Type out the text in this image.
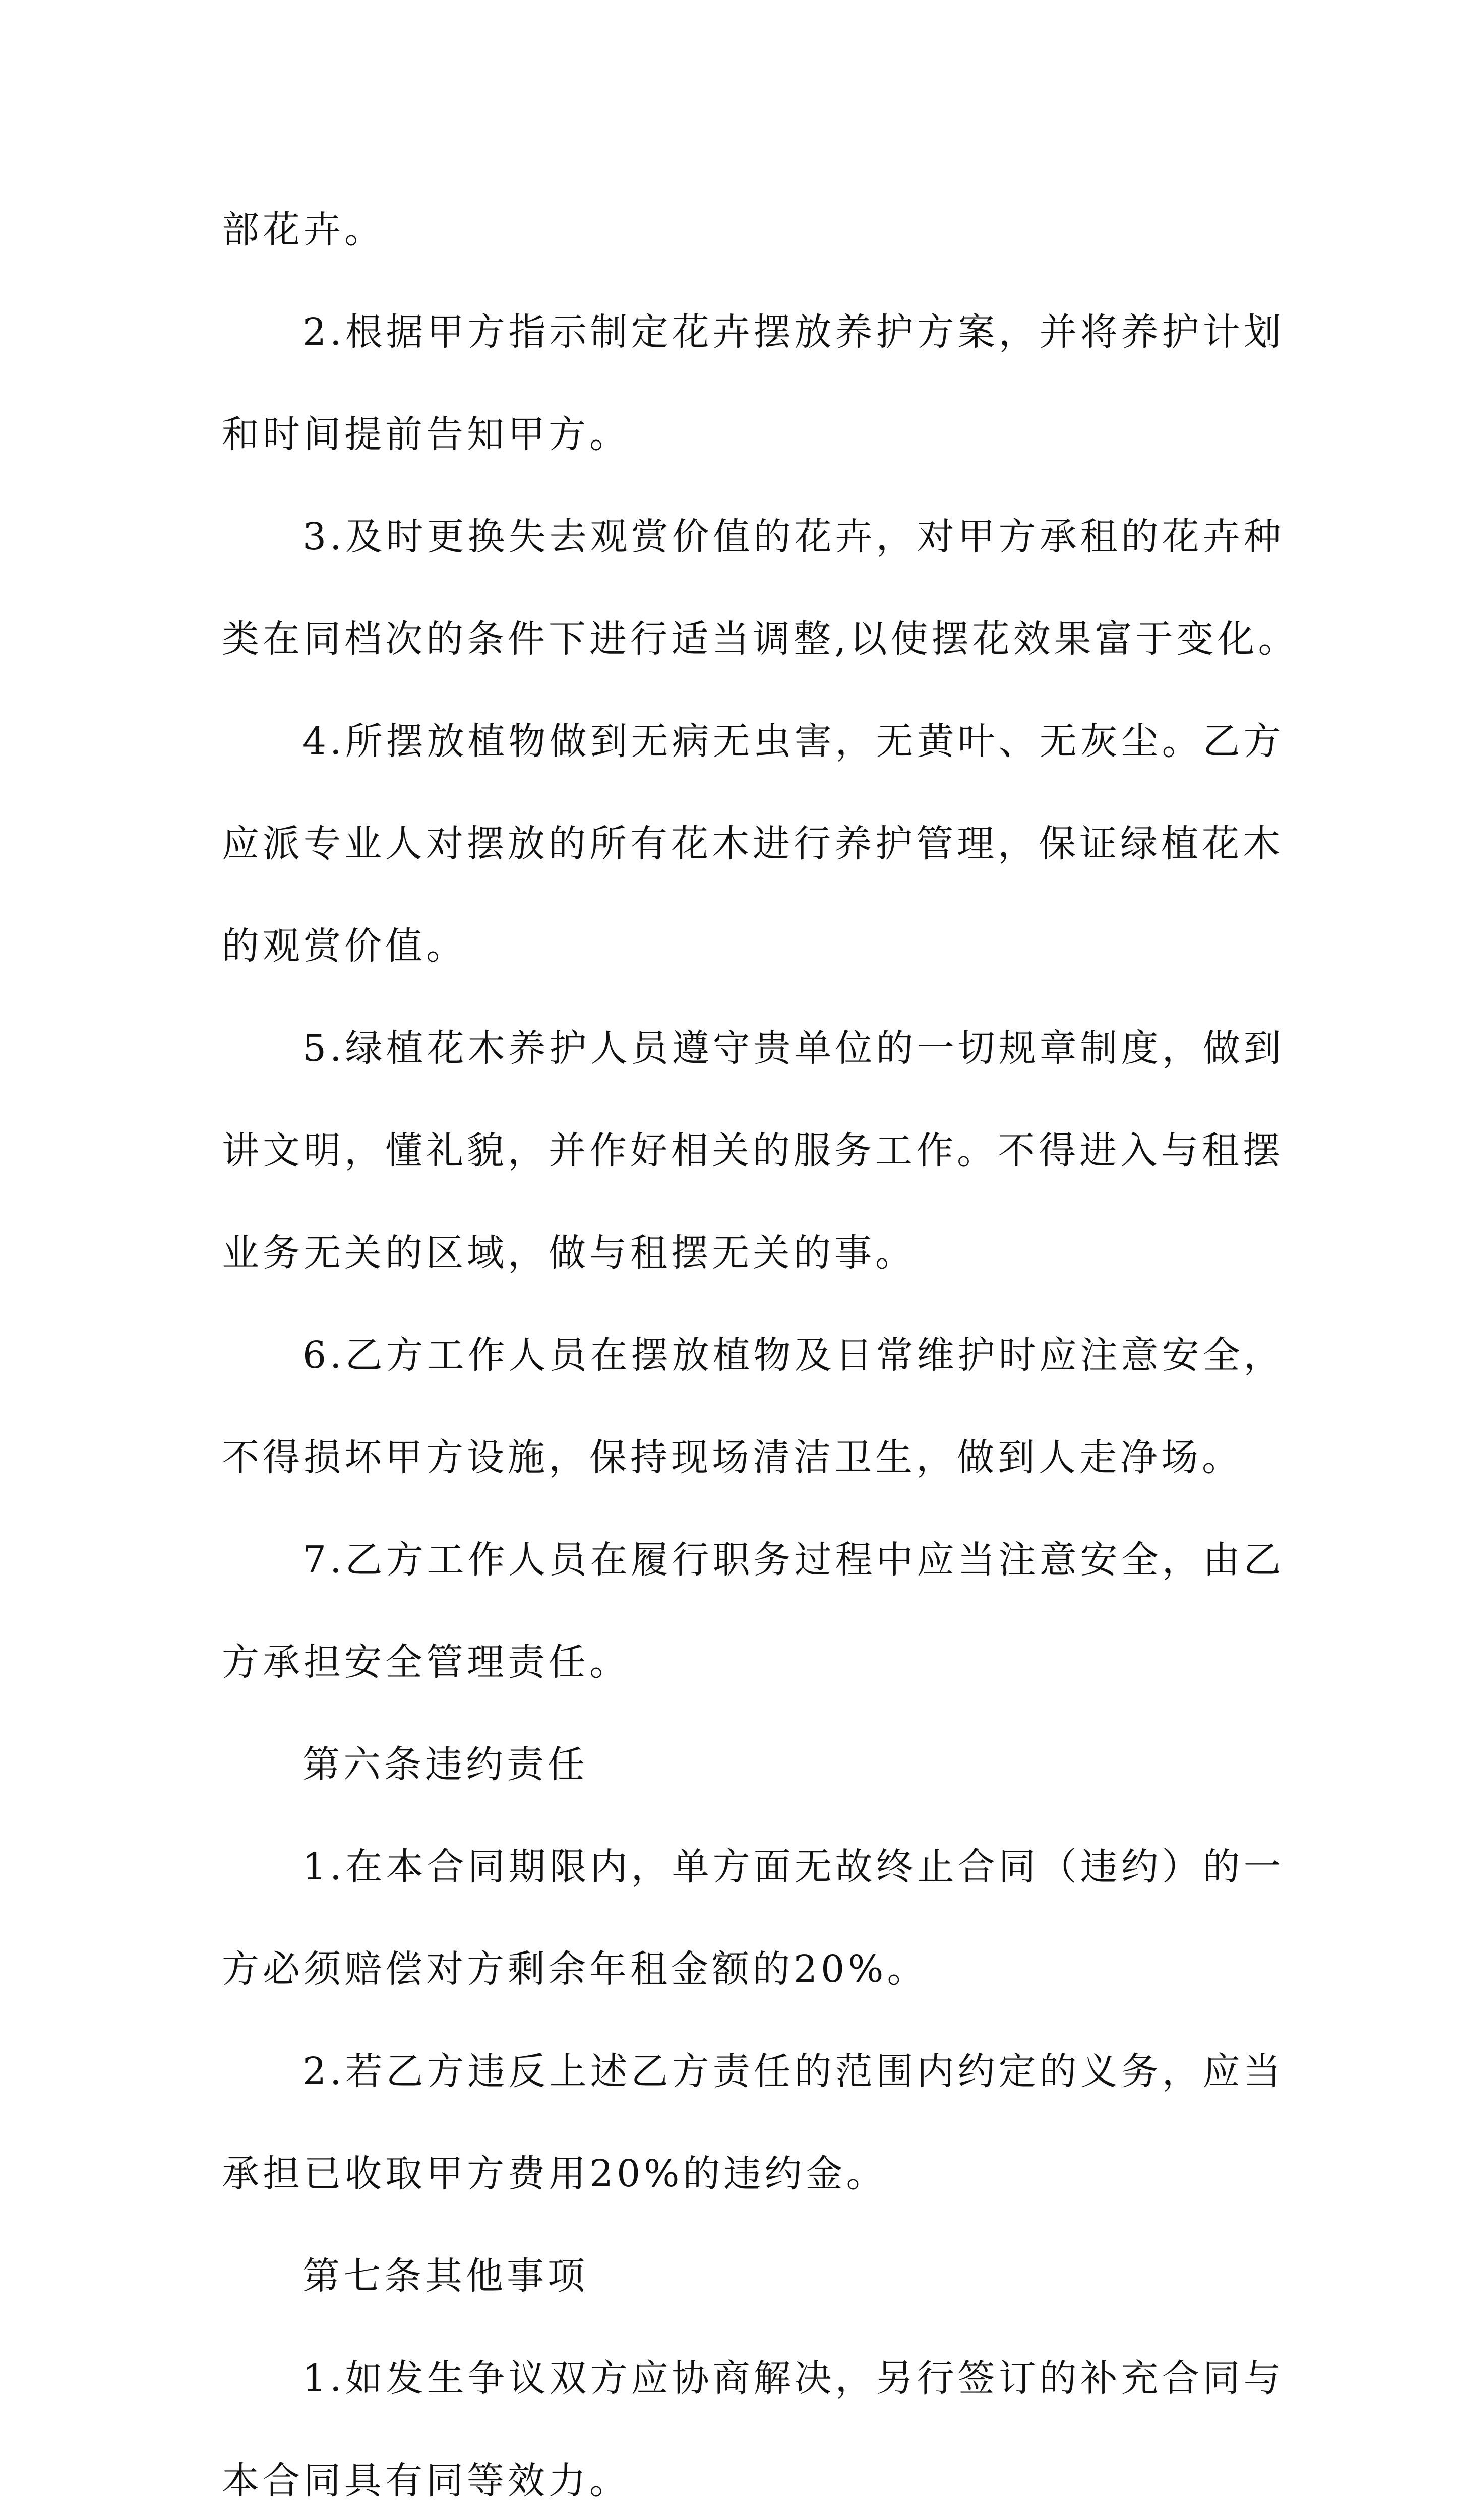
部花卉。
2.根据甲方指示制定花卉摆放养护方案，并将养护计划
和时间提前告知甲方。
3.及时更换失去观赏价值的花卉，对甲方承租的花卉种
类在同档次的条件下进行适当调整,以使摆花效果富于变化。
4.所摆放植物做到无病无虫害，无黄叶、无灰尘。乙方
应派专业人对摆放的所有花木进行养护管理，保证绿植花木
的观赏价值。
5.绿植花木养护人员遵守贵单位的一切规章制度，做到
讲文明，懂礼貌，并作好相关的服务工作。不得进入与租摆
业务无关的区域，做与租摆无关的事。
6.乙方工作人员在摆放植物及日常维护时应注意安全，
不得损坏甲方设施，保持现场清洁卫生，做到人走净场。
7.乙方工作人员在履行职务过程中应当注意安全，由乙
方承担安全管理责任。
第六条违约责任
1.在本合同期限内，单方面无故终止合同（违约）的一
方必须赔偿对方剩余年租金额的20%。
2.若乙方违反上述乙方责任的范围内约定的义务，应当
承担已收取甲方费用20%的违约金。
第七条其他事项
1.如发生争议双方应协商解决，另行签订的补充合同与
本合同具有同等效力。
